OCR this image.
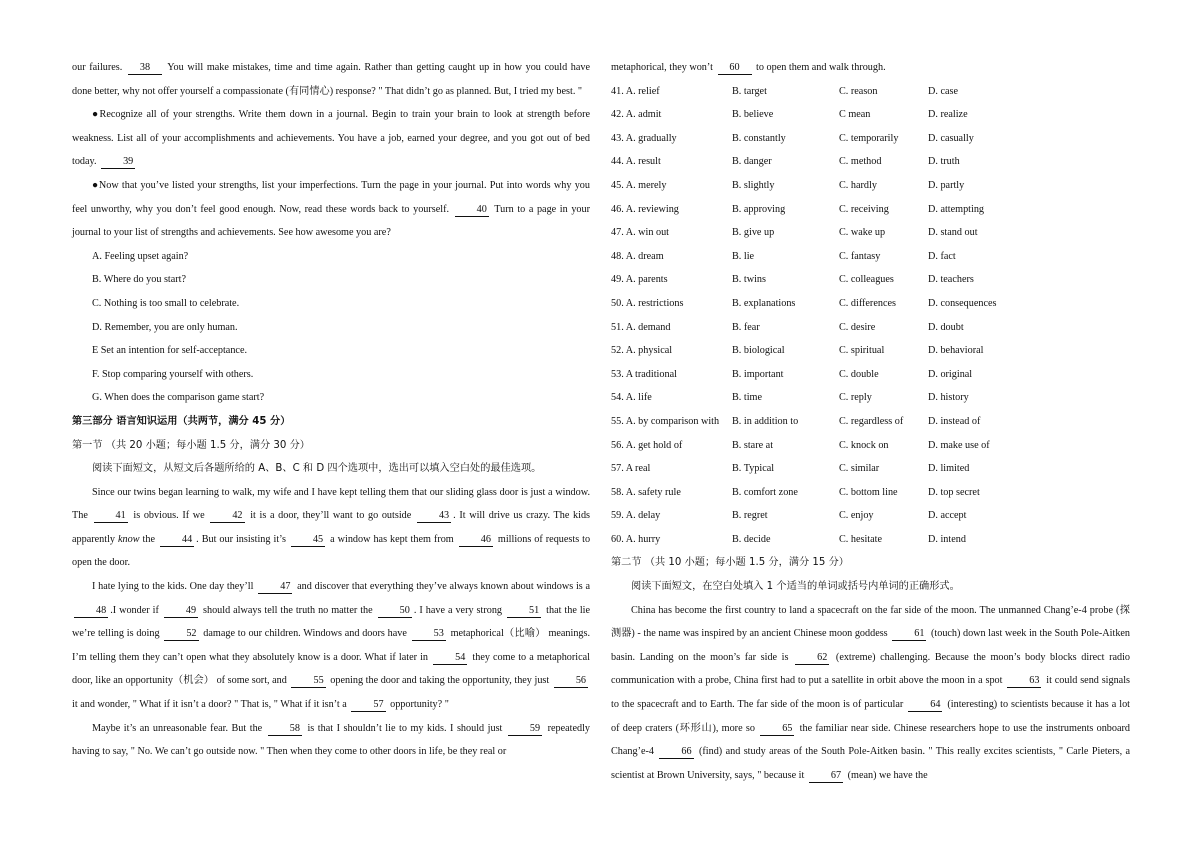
our failures. 38 You will make mistakes, time and time again. Rather than getting caught up in how you could have done better, why not offer yourself a compassionate (有同情心) response? " That didn’t go as planned. But, I tried my best. "

●Recognize all of your strengths. Write them down in a journal. Begin to train your brain to look at strength before weakness. List all of your accomplishments and achievements. You have a job, earned your degree, and you got out of bed today.	39

●Now that you’ve listed your strengths, list your imperfections. Turn the page in your journal. Put into words why you feel unworthy, why you don’t feel good enough. Now, read these words back to yourself.	40 Turn to a page in your journal to your list of strengths and achievements. See how awesome you are?

A. Feeling upset again?

B. Where do you start?

C. Nothing is too small to celebrate.

D. Remember, you are only human.

E Set an intention for self-acceptance.

F. Stop comparing yourself with others.

G. When does the comparison game start?

第三部分 语言知识运用（共两节，满分 45 分）

第一节 （共 20 小题；每小题 1.5 分，满分 30 分）

阅读下面短文，从短文后各题所给的 A、B、C 和 D 四个选项中，选出可以填入空白处的最佳选项。

Since our twins began learning to walk, my wife and I have kept telling them that our sliding glass door is just a window. The	41 is obvious. If we	42 it is a door, they’ll want to go outside	43 . It will drive us crazy. The kids apparently know the	44 . But our insisting it’s	45 a window has kept them from	46 millions of requests to open the door.

I hate lying to the kids. One day they’ll	47 and discover that everything they’ve always known about windows is a 48 .I wonder if	49 should always tell the truth no matter the	50 . I have a very strong	51 that the lie we’re telling is doing	52 damage to our children. Windows and doors have	53 metaphorical（比喻） meanings. I’m telling them they can’t open what they absolutely know is a door. What if later in	54 they come to a metaphorical door, like an opportunity（机会） of some sort, and	55 opening the door and taking the opportunity, they just	56 it and wonder, " What if it isn’t a door? " That is, " What if it isn’t a	57 opportunity? "

Maybe it’s an unreasonable fear. But the	58 is that I shouldn’t lie to my kids. I should just	59 repeatedly having to say, " No. We can’t go outside now. " Then when they come to other doors in life, be they real or

metaphorical, they won’t 60 to open them and walk through.

41. A. relief	B. target	C. reason	D. case
42. A. admit	B. believe	C mean	D. realize
43. A. gradually	B. constantly	C. temporarily	D. casually
44. A. result	B. danger	C. method	D. truth
45. A. merely	B. slightly	C. hardly	D. partly
46. A. reviewing	B. approving	C. receiving	D. attempting
47. A. win out	B. give up	C. wake up	D. stand out
48. A. dream	B. lie	C. fantasy	D. fact
49. A. parents	B. twins	C. colleagues	D. teachers
50. A. restrictions	B. explanations	C. differences	D. consequences
51. A. demand	B. fear	C. desire	D. doubt
52. A. physical	B. biological	C. spiritual	D. behavioral
53. A traditional	B. important	C. double	D. original
54. A. life	B. time	C. reply	D. history
55. A. by comparison with	B. in addition to	C. regardless of	D. instead of
56. A. get hold of	B. stare at	C. knock on	D. make use of
57. A real	B. Typical	C. similar	D. limited
58. A. safety rule	B. comfort zone	C. bottom line	D. top secret
59. A. delay	B. regret	C. enjoy	D. accept
60. A. hurry	B. decide	C. hesitate	D. intend

第二节 （共 10 小题；每小题 1.5 分，满分 15 分）

阅读下面短文，在空白处填入 1 个适当的单词或括号内单词的正确形式。

China has become the first country to land a spacecraft on the far side of the moon. The unmanned Chang’e-4 probe (探测器) - the name was inspired by an ancient Chinese moon goddess	61 (touch) down last week in the South Pole-Aitken basin. Landing on the moon’s far side is	62 (extreme) challenging. Because the moon’s body blocks direct radio communication with a probe, China first had to put a satellite in orbit above the moon in a spot	63 it could send signals to the spacecraft and to Earth. The far side of the moon is of particular	64 (interesting) to scientists because it has a lot of deep craters (环形山), more so	65 the familiar near side. Chinese researchers hope to use the instruments onboard Chang’e-4	66 (find) and study areas of the South Pole-Aitken basin. " This really excites scientists, " Carle Pieters, a scientist at Brown University, says, " because it	67 (mean) we have the
